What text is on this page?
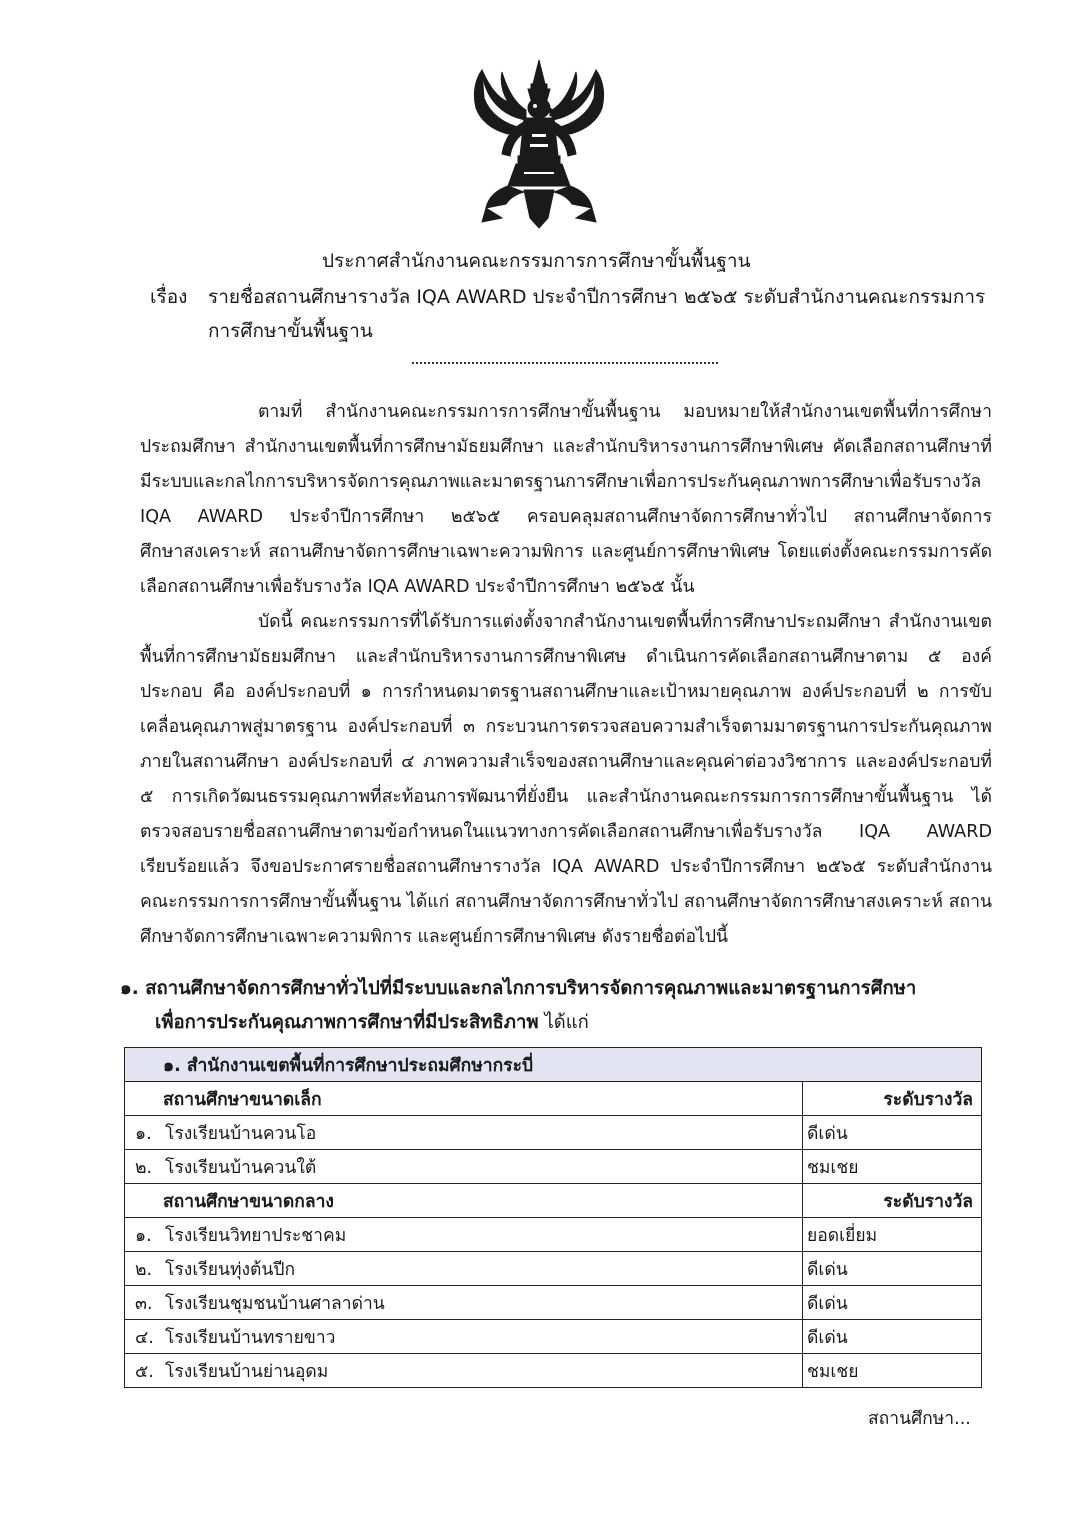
ประกาศสำนักงานคณะกรรมการการศึกษาขั้นพื้นฐาน
เรื่อง รายชื่อสถานศึกษารางวัล IQA AWARD ประจำปีการศึกษา ๒๕๖๕ ระดับสำนักงานคณะกรรมการ
การศึกษาขั้นพื้นฐาน

ตามที่ สำนักงานคณะกรรมการการศึกษาขั้นพื้นฐาน มอบหมายให้สำนักงานเขตพื้นที่การศึกษาประถมศึกษา สำนักงานเขตพื้นที่การศึกษามัธยมศึกษา และสำนักบริหารงานการศึกษาพิเศษ คัดเลือกสถานศึกษาที่มีระบบและกลไกการบริหารจัดการคุณภาพและมาตรฐานการศึกษาเพื่อการประกันคุณภาพการศึกษาเพื่อรับรางวัล IQA AWARD ประจำปีการศึกษา ๒๕๖๕ ครอบคลุมสถานศึกษาจัดการศึกษาทั่วไป สถานศึกษาจัดการศึกษาสงเคราะห์ สถานศึกษาจัดการศึกษาเฉพาะความพิการ และศูนย์การศึกษาพิเศษ โดยแต่งตั้งคณะกรรมการคัดเลือกสถานศึกษาเพื่อรับรางวัล IQA AWARD ประจำปีการศึกษา ๒๕๖๕ นั้น

บัดนี้ คณะกรรมการที่ได้รับการแต่งตั้งจากสำนักงานเขตพื้นที่การศึกษาประถมศึกษา สำนักงานเขตพื้นที่การศึกษามัธยมศึกษา และสำนักบริหารงานการศึกษาพิเศษ ดำเนินการคัดเลือกสถานศึกษาตาม ๕ องค์ประกอบ คือ องค์ประกอบที่ ๑ การกำหนดมาตรฐานสถานศึกษาและเป้าหมายคุณภาพ องค์ประกอบที่ ๒ การขับเคลื่อนคุณภาพสู่มาตรฐาน องค์ประกอบที่ ๓ กระบวนการตรวจสอบความสำเร็จตามมาตรฐานการประกันคุณภาพภายในสถานศึกษา องค์ประกอบที่ ๔ ภาพความสำเร็จของสถานศึกษาและคุณค่าต่อวงวิชาการ และองค์ประกอบที่ ๕ การเกิดวัฒนธรรมคุณภาพที่สะท้อนการพัฒนาที่ยั่งยืน และสำนักงานคณะกรรมการการศึกษาขั้นพื้นฐาน ได้ตรวจสอบรายชื่อสถานศึกษาตามข้อกำหนดในแนวทางการคัดเลือกสถานศึกษาเพื่อรับรางวัล IQA AWARD เรียบร้อยแล้ว จึงขอประกาศรายชื่อสถานศึกษารางวัล IQA AWARD ประจำปีการศึกษา ๒๕๖๕ ระดับสำนักงานคณะกรรมการการศึกษาขั้นพื้นฐาน ได้แก่ สถานศึกษาจัดการศึกษาทั่วไป สถานศึกษาจัดการศึกษาสงเคราะห์ สถานศึกษาจัดการศึกษาเฉพาะความพิการ และศูนย์การศึกษาพิเศษ ดังรายชื่อต่อไปนี้

๑. สถานศึกษาจัดการศึกษาทั่วไปที่มีระบบและกลไกการบริหารจัดการคุณภาพและมาตรฐานการศึกษา
เพื่อการประกันคุณภาพการศึกษาที่มีประสิทธิภาพ ได้แก่
๑. สำนักงานเขตพื้นที่การศึกษาประถมศึกษากระบี่	
สถานศึกษาขนาดเล็ก	ระดับรางวัล
๑. โรงเรียนบ้านควนโอ	ดีเด่น
๒. โรงเรียนบ้านควนใต้	ชมเชย
สถานศึกษาขนาดกลาง	ระดับรางวัล
๑. โรงเรียนวิทยาประชาคม	ยอดเยี่ยม
๒. โรงเรียนทุ่งต้นปีก	ดีเด่น
๓. โรงเรียนชุมชนบ้านศาลาด่าน	ดีเด่น
๔. โรงเรียนบ้านทรายขาว	ดีเด่น
๕. โรงเรียนบ้านย่านอุดม	ชมเชย
สถานศึกษา...
